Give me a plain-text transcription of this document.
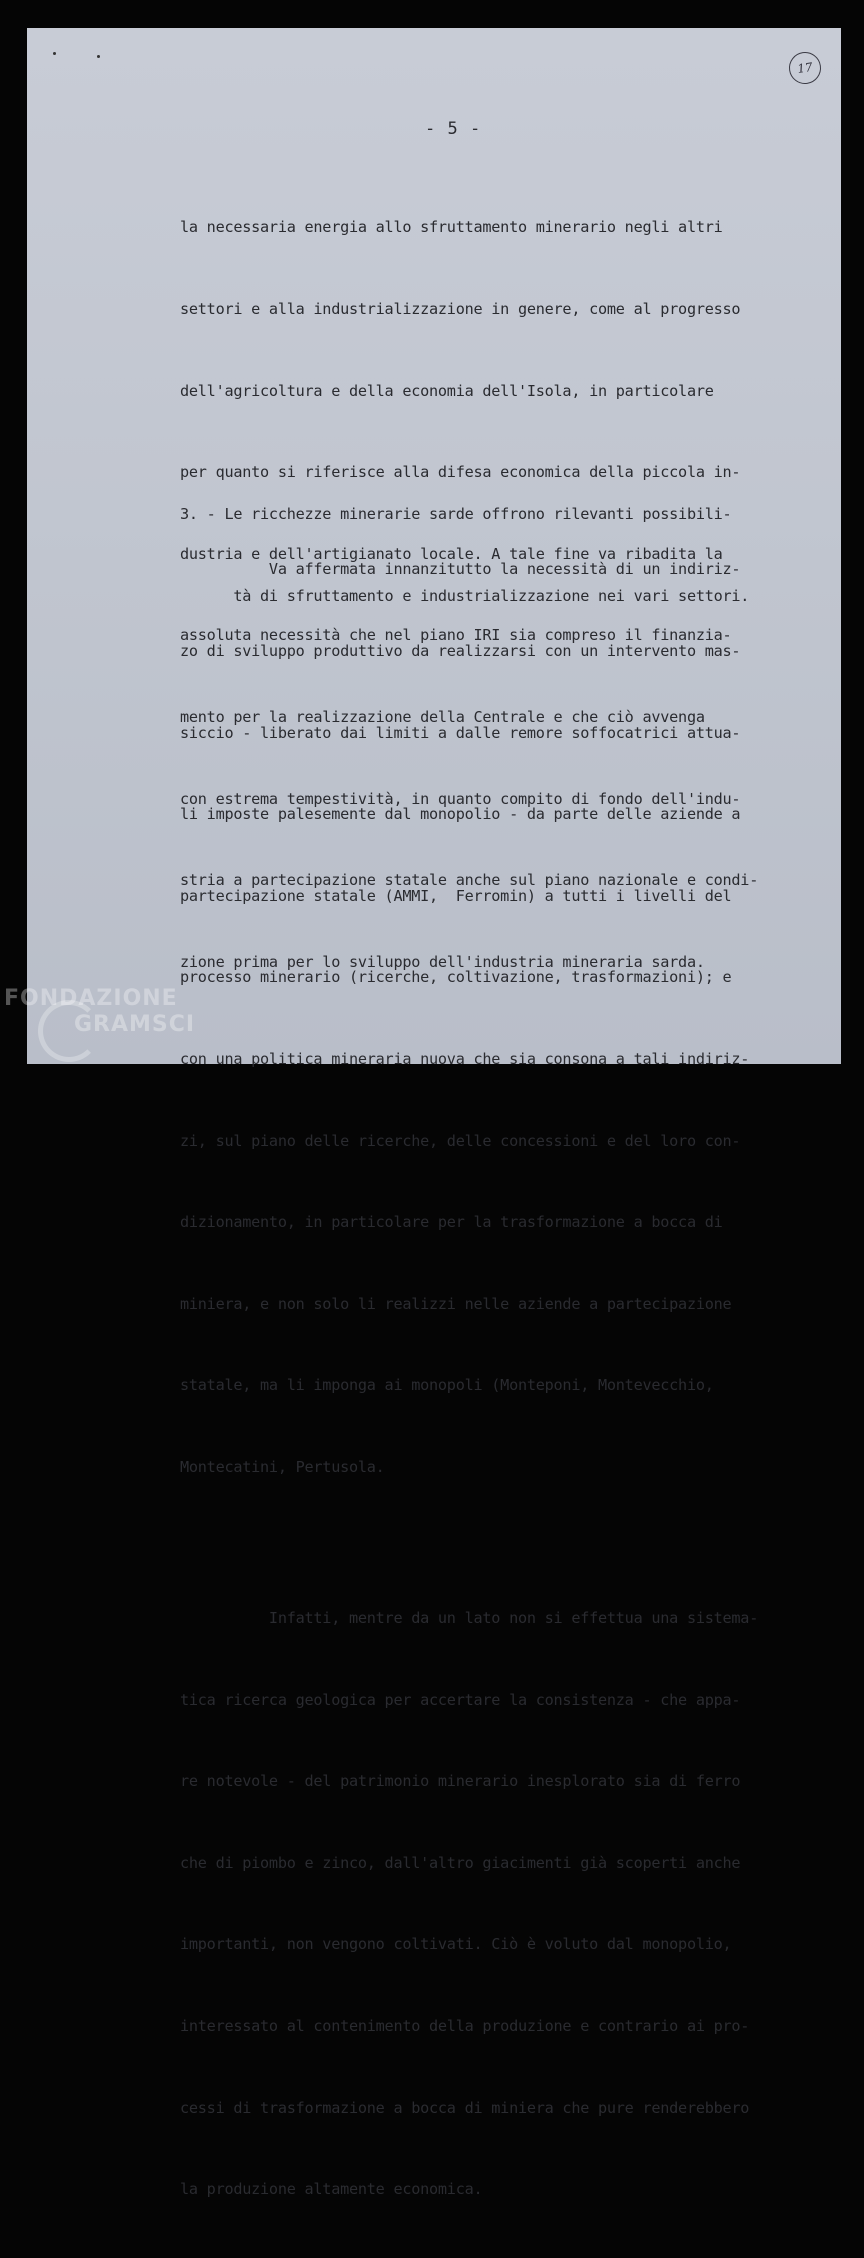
17
- 5 -

la necessaria energia allo sfruttamento minerario negli altri

settori e alla industrializzazione in genere, come al progresso

dell'agricoltura e della economia dell'Isola, in particolare

per quanto si riferisce alla difesa economica della piccola in-

dustria e dell'artigianato locale. A tale fine va ribadita la

assoluta necessità che nel piano IRI sia compreso il finanzia-

mento per la realizzazione della Centrale e che ciò avvenga

con estrema tempestività, in quanto compito di fondo dell'indu-

stria a partecipazione statale anche sul piano nazionale e condi-

zione prima per lo sviluppo dell'industria mineraria sarda.

3. - Le ricchezze minerarie sarde offrono rilevanti possibili-

tà di sfruttamento e industrializzazione nei vari settori.

Va affermata innanzitutto la necessità di un indiriz-

zo di sviluppo produttivo da realizzarsi con un intervento mas-

siccio - liberato dai limiti a dalle remore soffocatrici attua-

li imposte palesemente dal monopolio - da parte delle aziende a

partecipazione statale (AMMI,  Ferromin) a tutti i livelli del

processo minerario (ricerche, coltivazione, trasformazioni); e

con una politica mineraria nuova che sia consona a tali indiriz-

zi, sul piano delle ricerche, delle concessioni e del loro con-

dizionamento, in particolare per la trasformazione a bocca di

miniera, e non solo li realizzi nelle aziende a partecipazione

statale, ma li imponga ai monopoli (Monteponi, Montevecchio,

Montecatini, Pertusola.

Infatti, mentre da un lato non si effettua una sistema-

tica ricerca geologica per accertare la consistenza - che appa-

re notevole - del patrimonio minerario inesplorato sia di ferro

che di piombo e zinco, dall'altro giacimenti già scoperti anche

importanti, non vengono coltivati. Ciò è voluto dal monopolio,

interessato al contenimento della produzione e contrario ai pro-

cessi di trasformazione a bocca di miniera che pure renderebbero

la produzione altamente economica.

FONDAZIONE
GRAMSCI
